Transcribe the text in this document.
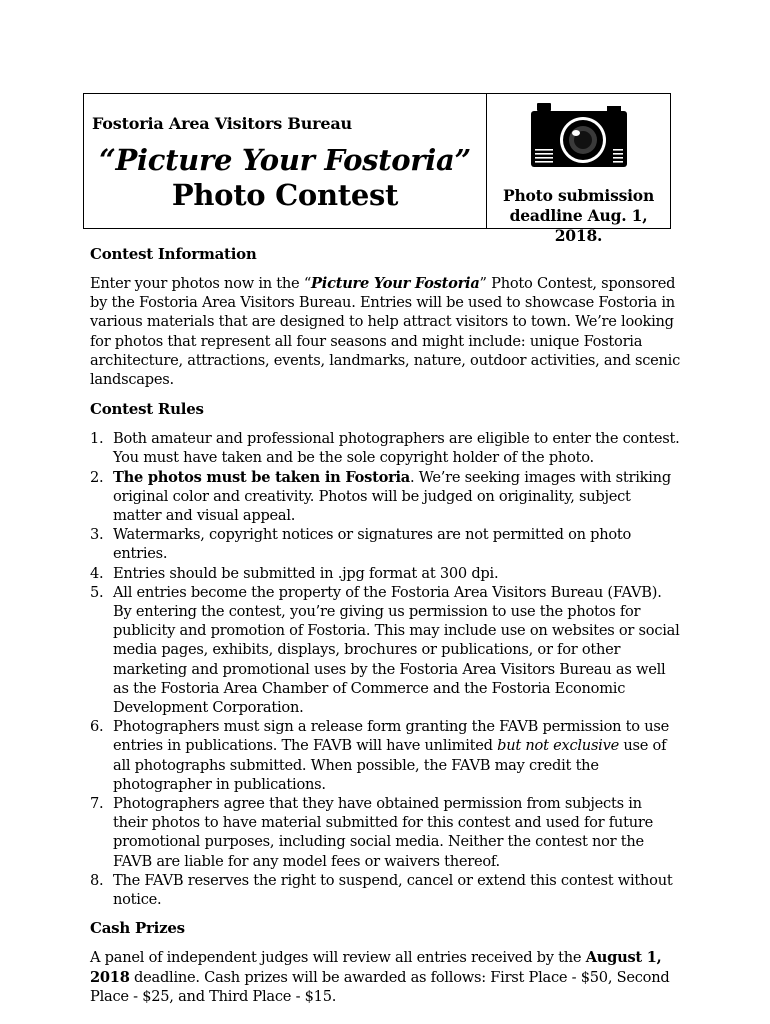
Fostoria Area Visitors Bureau

“Picture Your Fostoria”
Photo Contest	Photo submission
deadline Aug. 1, 2018.
Contest Information

Enter your photos now in the “Picture Your Fostoria” Photo Contest, sponsored by the Fostoria Area Visitors Bureau. Entries will be used to showcase Fostoria in various materials that are designed to help attract visitors to town. We’re looking for photos that represent all four seasons and might include: unique Fostoria architecture, attractions, events, landmarks, nature, outdoor activities, and scenic landscapes.

Contest Rules
1. Both amateur and professional photographers are eligible to enter the contest. You must have taken and be the sole copyright holder of the photo.
2. The photos must be taken in Fostoria. We’re seeking images with striking original color and creativity. Photos will be judged on originality, subject matter and visual appeal.
3. Watermarks, copyright notices or signatures are not permitted on photo entries.
4. Entries should be submitted in .jpg format at 300 dpi.
5. All entries become the property of the Fostoria Area Visitors Bureau (FAVB). By entering the contest, you’re giving us permission to use the photos for publicity and promotion of Fostoria. This may include use on websites or social media pages, exhibits, displays, brochures or publications, or for other marketing and promotional uses by the Fostoria Area Visitors Bureau as well as the Fostoria Area Chamber of Commerce and the Fostoria Economic Development Corporation.
6. Photographers must sign a release form granting the FAVB permission to use entries in publications. The FAVB will have unlimited but not exclusive use of all photographs submitted. When possible, the FAVB may credit the photographer in publications.
7. Photographers agree that they have obtained permission from subjects in their photos to have material submitted for this contest and used for future promotional purposes, including social media. Neither the contest nor the FAVB are liable for any model fees or waivers thereof.
8. The FAVB reserves the right to suspend, cancel or extend this contest without notice.
Cash Prizes

A panel of independent judges will review all entries received by the August 1, 2018 deadline. Cash prizes will be awarded as follows: First Place - $50, Second Place - $25, and Third Place - $15.
